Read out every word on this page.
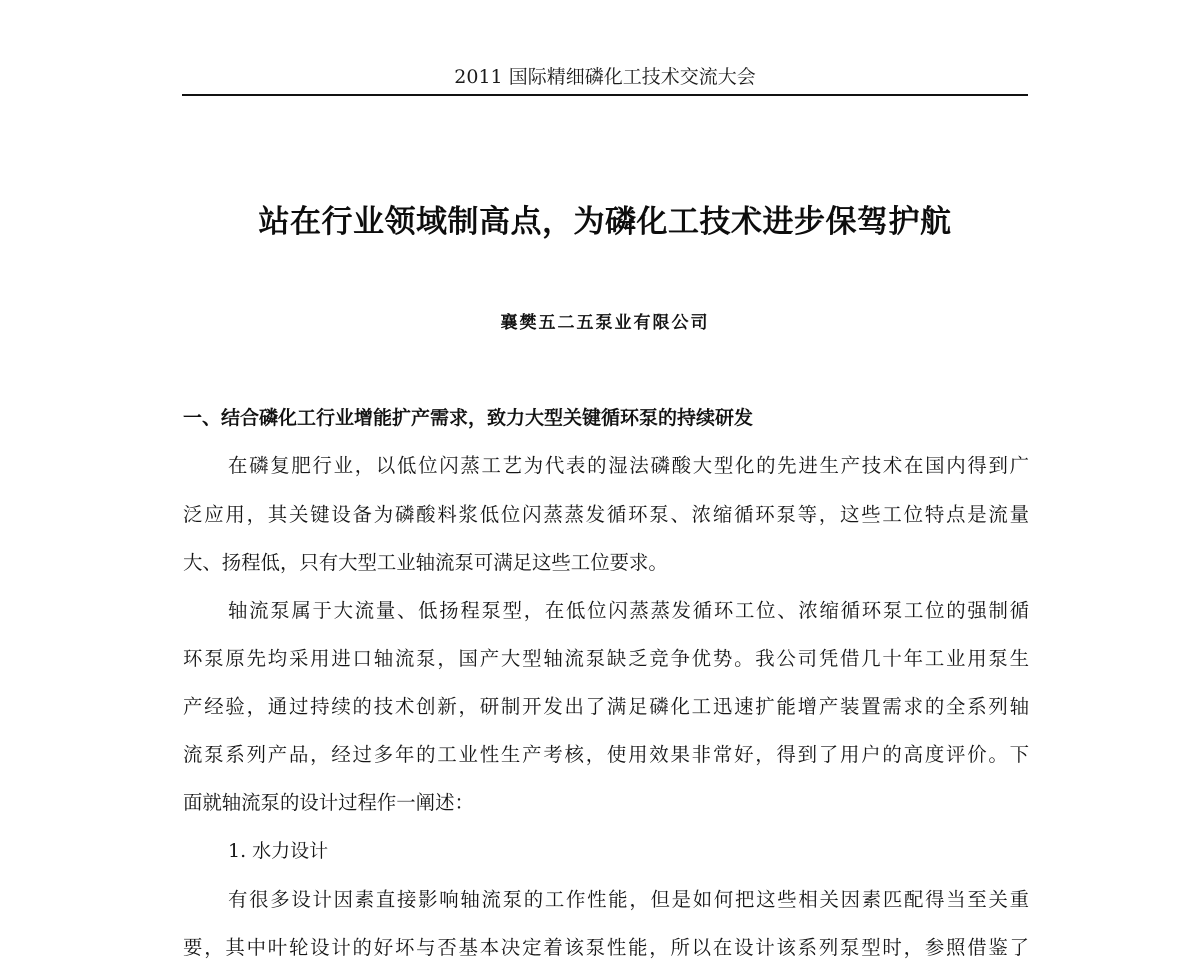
2011 国际精细磷化工技术交流大会
站在行业领域制高点，为磷化工技术进步保驾护航
襄樊五二五泵业有限公司
一、结合磷化工行业增能扩产需求，致力大型关键循环泵的持续研发
在磷复肥行业，以低位闪蒸工艺为代表的湿法磷酸大型化的先进生产技术在国内得到广
泛应用，其关键设备为磷酸料浆低位闪蒸蒸发循环泵、浓缩循环泵等，这些工位特点是流量
大、扬程低，只有大型工业轴流泵可满足这些工位要求。
轴流泵属于大流量、低扬程泵型，在低位闪蒸蒸发循环工位、浓缩循环泵工位的强制循
环泵原先均采用进口轴流泵，国产大型轴流泵缺乏竞争优势。我公司凭借几十年工业用泵生
产经验，通过持续的技术创新，研制开发出了满足磷化工迅速扩能增产装置需求的全系列轴
流泵系列产品，经过多年的工业性生产考核，使用效果非常好，得到了用户的高度评价。下
面就轴流泵的设计过程作一阐述：
1. 水力设计
有很多设计因素直接影响轴流泵的工作性能，但是如何把这些相关因素匹配得当至关重
要，其中叶轮设计的好坏与否基本决定着该泵性能，所以在设计该系列泵型时，参照借鉴了
